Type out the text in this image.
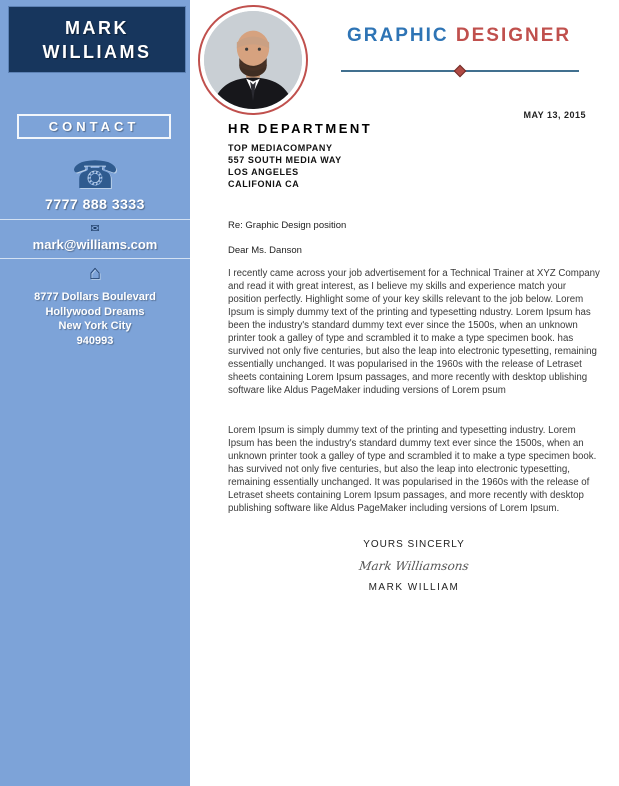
MARK
WILLIAMS
CONTACT
☎
7777 888 3333
✉
mark@williams.com
⌂
8777 Dollars Boulevard
Hollywood Dreams
New York City
940993
GRAPHIC DESIGNER
MAY 13, 2015
HR DEPARTMENT
TOP MEDIACOMPANY
557 SOUTH MEDIA WAY
LOS ANGELES
CALIFONIA CA
Re: Graphic Design position
Dear Ms. Danson
I recently came across your job advertisement for a Technical Trainer at XYZ Company and read it with great interest, as I believe my skills and experience match your position perfectly. Highlight some of your key skills relevant to the job below. Lorem Ipsum is simply dummy text of the printing and typesetting ndustry. Lorem Ipsum has been the industry's standard dummy text ever since the 1500s, when an unknown printer took a galley of type and scrambled it to make a type specimen book. has survived not only five centuries, but also the leap into electronic typesetting, remaining essentially unchanged. It was popularised in the 1960s with the release of Letraset sheets containing Lorem Ipsum passages, and more recently with desktop ublishing software like Aldus PageMaker induding versions of Lorem psum
Lorem Ipsum is simply dummy text of the printing and typesetting industry. Lorem Ipsum has been the industry's standard dummy text ever since the 1500s, when an unknown printer took a galley of type and scrambled it to make a type specimen book. has survived not only five centuries, but also the leap into electronic typesetting, remaining essentially unchanged. It was popularised in the 1960s with the release of Letraset sheets containing Lorem Ipsum passages, and more recently with desktop publishing software like Aldus PageMaker including versions of Lorem Ipsum.
YOURS SINCERLY
Mark Williamsons
MARK WILLIAM
